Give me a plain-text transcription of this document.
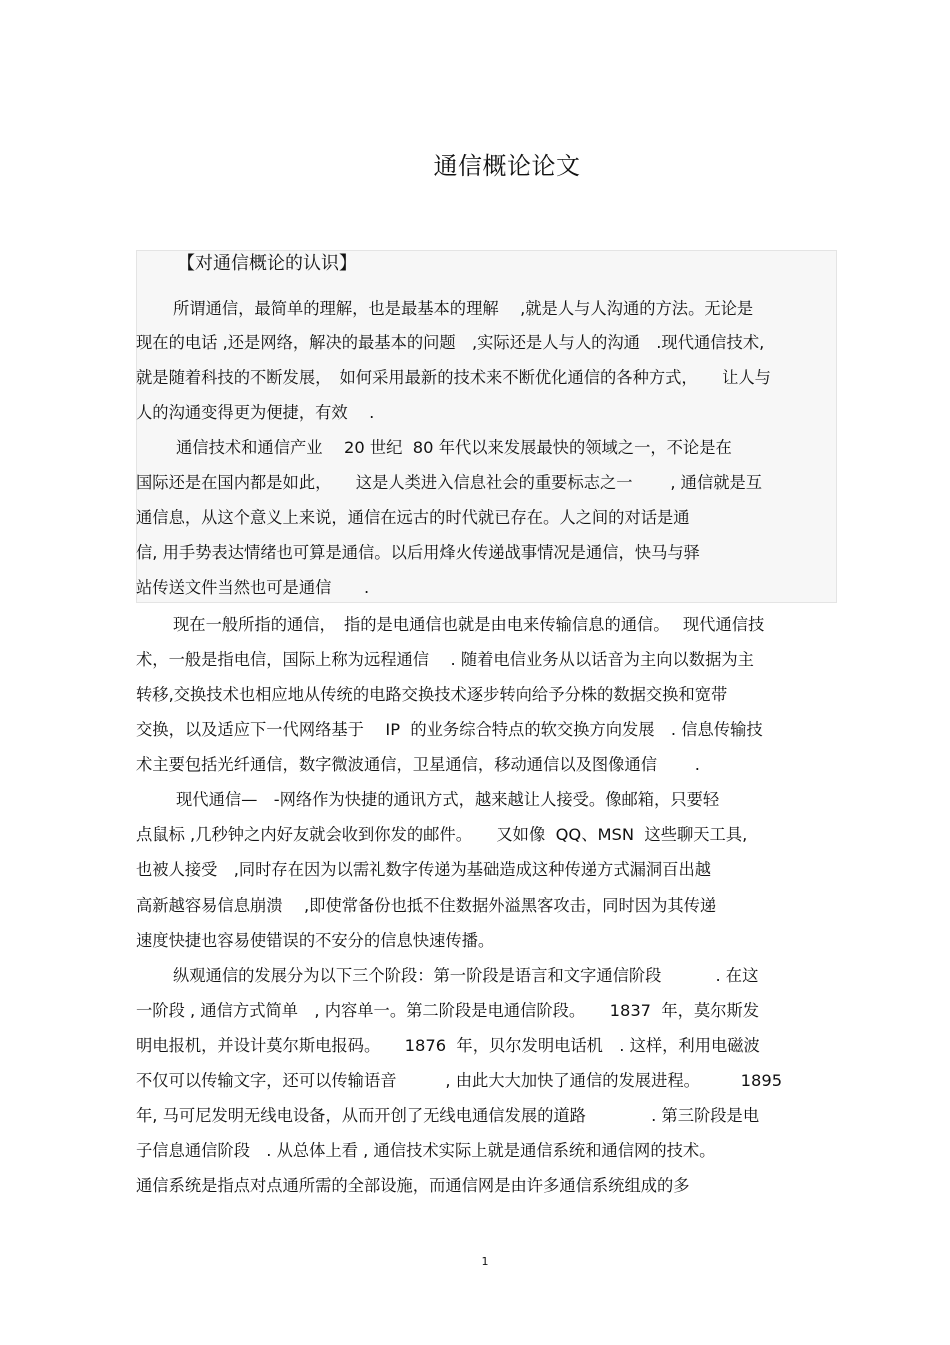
通信概论论文
【对通信概论的认识】
所谓通信，最简单的理解，也是最基本的理解　 ,就是人与人沟通的方法。无论是
现在的电话 ,还是网络，解决的最基本的问题　,实际还是人与人的沟通　.现代通信技术,
就是随着科技的不断发展，　如何采用最新的技术来不断优化通信的各种方式，　　让人与
人的沟通变得更为便捷，有效　 .
通信技术和通信产业　 20 世纪  80 年代以来发展最快的领域之一，不论是在
国际还是在国内都是如此，　　这是人类进入信息社会的重要标志之一　　 , 通信就是互
通信息，从这个意义上来说，通信在远古的时代就已存在。人之间的对话是通
信, 用手势表达情绪也可算是通信。以后用烽火传递战事情况是通信，快马与驿
站传送文件当然也可是通信　　.
现在一般所指的通信，　指的是电通信也就是由电来传输信息的通信。　 现代通信技
术，一般是指电信，国际上称为远程通信　 . 随着电信业务从以话音为主向以数据为主
转移,交换技术也相应地从传统的电路交换技术逐步转向给予分株的数据交换和宽带
交换，以及适应下一代网络基于　 IP  的业务综合特点的软交换方向发展　. 信息传输技
术主要包括光纤通信，数字微波通信，卫星通信，移动通信以及图像通信　　 .
现代通信—　-网络作为快捷的通讯方式，越来越让人接受。像邮箱，只要轻
点鼠标 ,几秒钟之内好友就会收到你发的邮件。　　又如像  QQ、MSN  这些聊天工具,
也被人接受　,同时存在因为以需礼数字传递为基础造成这种传递方式漏洞百出越
高新越容易信息崩溃　 ,即使常备份也抵不住数据外溢黑客攻击，同时因为其传递
速度快捷也容易使错误的不安分的信息快速传播。
纵观通信的发展分为以下三个阶段：第一阶段是语言和文字通信阶段　　　 . 在这
一阶段 , 通信方式简单　, 内容单一。第二阶段是电通信阶段。　　1837  年，莫尔斯发
明电报机，并设计莫尔斯电报码。　　1876  年，贝尔发明电话机　. 这样，利用电磁波
不仅可以传输文字，还可以传输语音　　　, 由此大大加快了通信的发展进程。　　　1895
年, 马可尼发明无线电设备，从而开创了无线电通信发展的道路　　　　. 第三阶段是电
子信息通信阶段　. 从总体上看 , 通信技术实际上就是通信系统和通信网的技术。
通信系统是指点对点通所需的全部设施，而通信网是由许多通信系统组成的多
1
